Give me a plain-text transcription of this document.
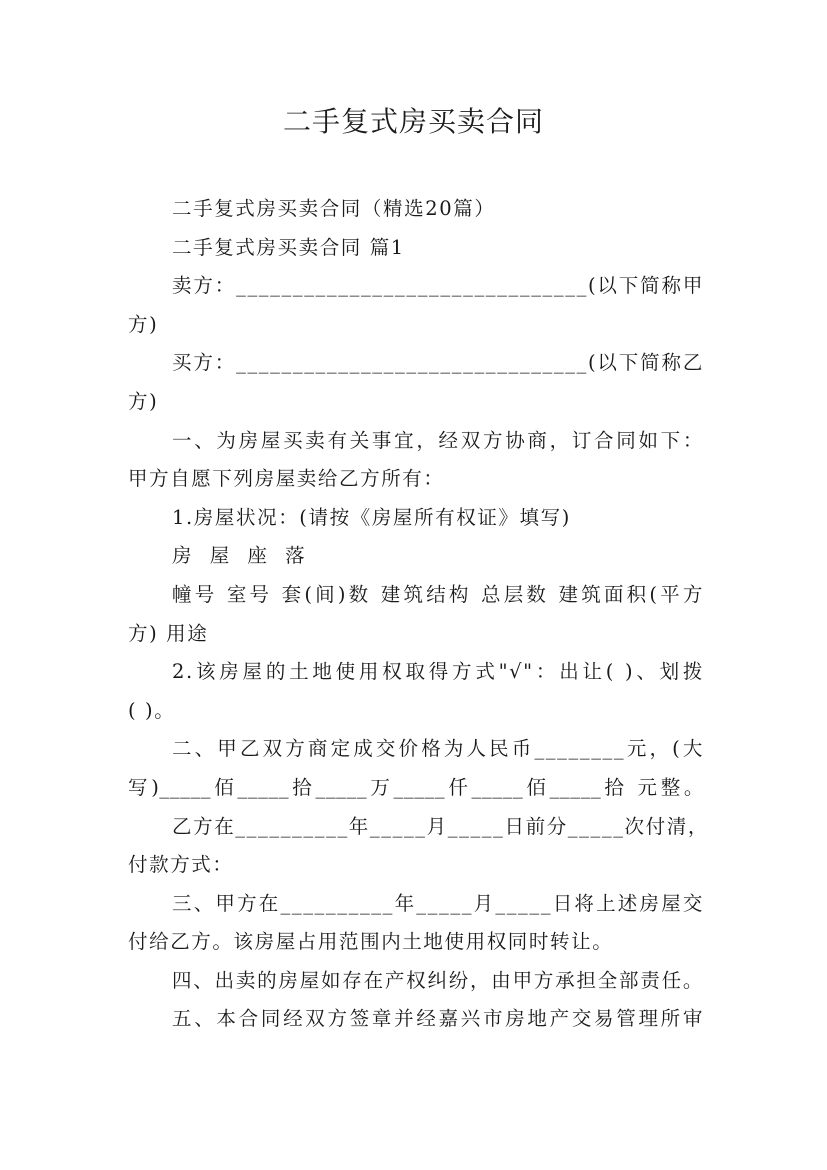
二手复式房买卖合同
二手复式房买卖合同（精选20篇）
二手复式房买卖合同 篇1
卖方：_______________________________(以下简称甲
方)
买方：_______________________________(以下简称乙
方)
一、为房屋买卖有关事宜，经双方协商，订合同如下：
甲方自愿下列房屋卖给乙方所有：
1.房屋状况：(请按《房屋所有权证》填写)
房 屋 座 落
幢号 室号 套(间)数 建筑结构 总层数 建筑面积(平方
方) 用途
2.该房屋的土地使用权取得方式"√"：出让( )、划拨
( )。
二、甲乙双方商定成交价格为人民币________元，(大
写)_____佰_____拾_____万_____仟_____佰_____拾 元整。
乙方在__________年_____月_____日前分_____次付清，
付款方式：
三、甲方在__________年_____月_____日将上述房屋交
付给乙方。该房屋占用范围内土地使用权同时转让。
四、出卖的房屋如存在产权纠纷，由甲方承担全部责任。
五、本合同经双方签章并经嘉兴市房地产交易管理所审
